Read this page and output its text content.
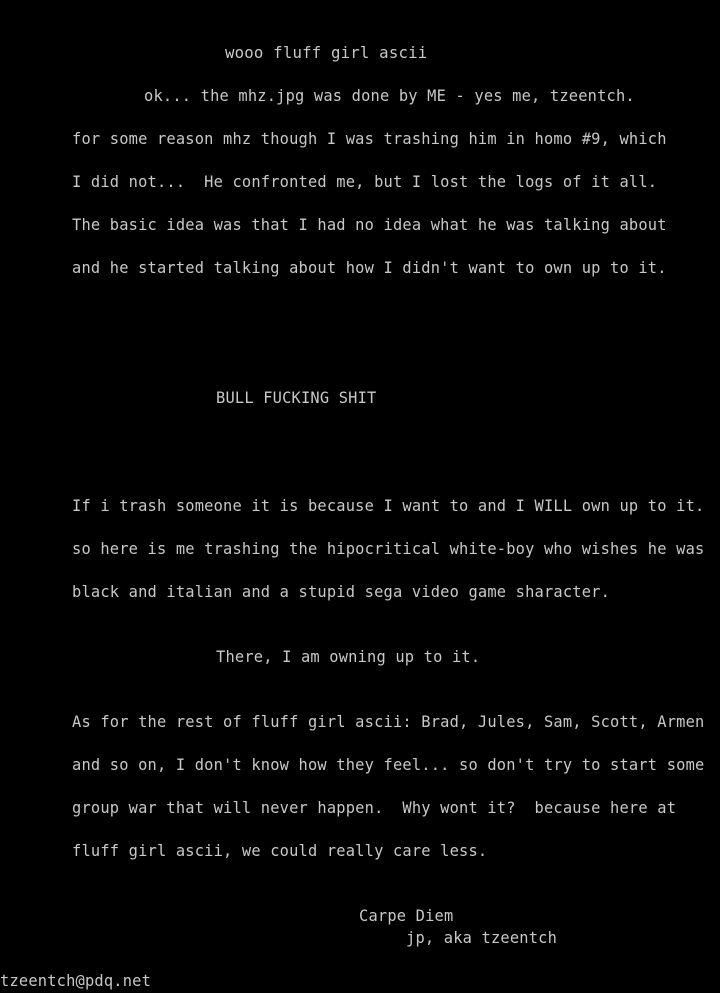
wooo fluff girl ascii
ok... the mhz.jpg was done by ME - yes me, tzeentch.
for some reason mhz though I was trashing him in homo #9, which
I did not...  He confronted me, but I lost the logs of it all.
The basic idea was that I had no idea what he was talking about
and he started talking about how I didn't want to own up to it.
BULL FUCKING SHIT
If i trash someone it is because I want to and I WILL own up to it.
so here is me trashing the hipocritical white-boy who wishes he was
black and italian and a stupid sega video game sharacter.
There, I am owning up to it.
As for the rest of fluff girl ascii: Brad, Jules, Sam, Scott, Armen
and so on, I don't know how they feel... so don't try to start some
group war that will never happen.  Why wont it?  because here at
fluff girl ascii, we could really care less.
Carpe Diem
jp, aka tzeentch
tzeentch@pdq.net
